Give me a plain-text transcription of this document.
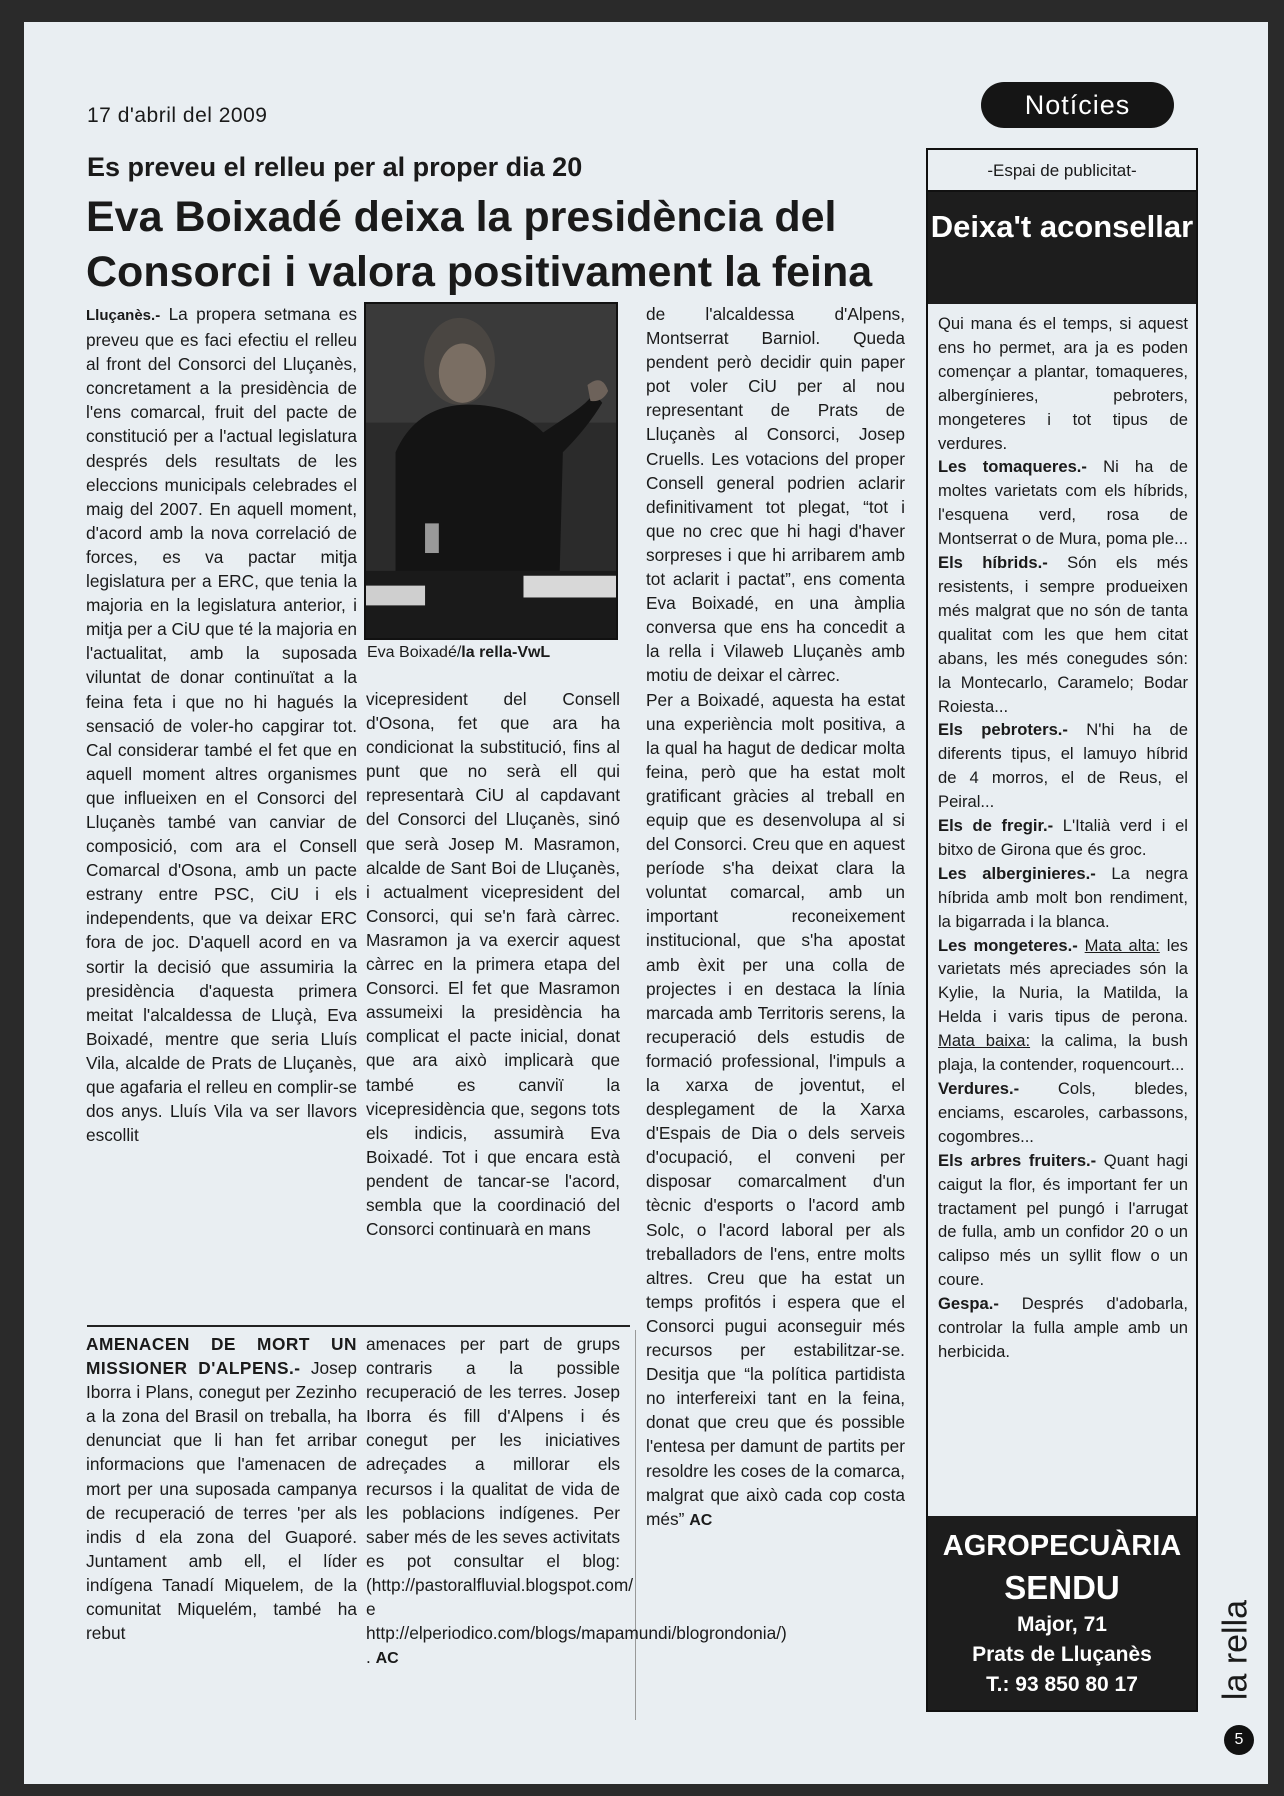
17 d'abril del 2009	Notícies
Es preveu el relleu per al proper dia 20
Eva Boixadé deixa la presidència del Consorci i valora positivament la feina

Lluçanès.- La propera setmana es preveu que es faci efectiu el relleu al front del Consorci del Lluçanès, concretament a la presidència de l'ens comarcal, fruit del pacte de constitució per a l'actual legislatura després dels resultats de les eleccions municipals celebrades el maig del 2007. En aquell moment, d'acord amb la nova correlació de forces, es va pactar mitja legislatura per a ERC, que tenia la majoria en la legislatura anterior, i mitja per a CiU que té la majoria en l'actualitat, amb la suposada viluntat de donar continuïtat a la feina feta i que no hi hagués la sensació de voler-ho capgirar tot. Cal considerar també el fet que en aquell moment altres organismes que influeixen en el Consorci del Lluçanès també van canviar de composició, com ara el Consell Comarcal d'Osona, amb un pacte estrany entre PSC, CiU i els independents, que va deixar ERC fora de joc. D'aquell acord en va sortir la decisió que assumiria la presidència d'aquesta primera meitat l'alcaldessa de Lluçà, Eva Boixadé, mentre que seria Lluís Vila, alcalde de Prats de Lluçanès, que agafaria el relleu en complir-se dos anys. Lluís Vila va ser llavors escollit

Eva Boixadé/la rella-VwL

vicepresident del Consell d'Osona, fet que ara ha condicionat la substitució, fins al punt que no serà ell qui representarà CiU al capdavant del Consorci del Lluçanès, sinó que serà Josep M. Masramon, alcalde de Sant Boi de Lluçanès, i actualment vicepresident del Consorci, qui se'n farà càrrec. Masramon ja va exercir aquest càrrec en la primera etapa del Consorci. El fet que Masramon assumeixi la presidència ha complicat el pacte inicial, donat que ara això implicarà que també es canviï la vicepresidència que, segons tots els indicis, assumirà Eva Boixadé. Tot i que encara està pendent de tancar-se l'acord, sembla que la coordinació del Consorci continuarà en mans

de l'alcaldessa d'Alpens, Montserrat Barniol. Queda pendent però decidir quin paper pot voler CiU per al nou representant de Prats de Lluçanès al Consorci, Josep Cruells. Les votacions del proper Consell general podrien aclarir definitivament tot plegat, “tot i que no crec que hi hagi d'haver sorpreses i que hi arribarem amb tot aclarit i pactat”, ens comenta Eva Boixadé, en una àmplia conversa que ens ha concedit a la rella i Vilaweb Lluçanès amb motiu de deixar el càrrec.

Per a Boixadé, aquesta ha estat una experiència molt positiva, a la qual ha hagut de dedicar molta feina, però que ha estat molt gratificant gràcies al treball en equip que es desenvolupa al si del Consorci. Creu que en aquest període s'ha deixat clara la voluntat comarcal, amb un important reconeixement institucional, que s'ha apostat amb èxit per una colla de projectes i en destaca la línia marcada amb Territoris serens, la recuperació dels estudis de formació professional, l'impuls a la xarxa de joventut, el desplegament de la Xarxa d'Espais de Dia o dels serveis d'ocupació, el conveni per disposar comarcalment d'un tècnic d'esports o l'acord amb Solc, o l'acord laboral per als treballadors de l'ens, entre molts altres. Creu que ha estat un temps profitós i espera que el Consorci pugui aconseguir més recursos per estabilitzar-se. Desitja que “la política partidista no interfereixi tant en la feina, donat que creu que és possible l'entesa per damunt de partits per resoldre les coses de la comarca, malgrat que això cada cop costa més” AC

AMENACEN DE MORT UN MISSIONER D'ALPENS.- Josep Iborra i Plans, conegut per Zezinho a la zona del Brasil on treballa, ha denunciat que li han fet arribar informacions que l'amenacen de mort per una suposada campanya de recuperació de terres 'per als indis d ela zona del Guaporé. Juntament amb ell, el líder indígena Tanadí Miquelem, de la comunitat Miquelém, també ha rebut

amenaces per part de grups contraris a la possible recuperació de les terres. Josep Iborra és fill d'Alpens i és conegut per les iniciatives adreçades a millorar els recursos i la qualitat de vida de les poblacions indígenes. Per saber més de les seves activitats es pot consultar el blog:(http://pastoralfluvial.blogspot.com/ e http://elperiodico.com/blogs/mapamundi/blogrondonia/) . AC

-Espai de publicitat-
Deixa't aconsellar
Qui mana és el temps, si aquest ens ho permet, ara ja es poden començar a plantar, tomaqueres, albergínieres, pebroters, mongeteres i tot tipus de verdures.
Les tomaqueres.- Ni ha de moltes varietats com els híbrids, l'esquena verd, rosa de Montserrat o de Mura, poma ple...
Els híbrids.- Són els més resistents, i sempre produeixen més malgrat que no són de tanta qualitat com les que hem citat abans, les més conegudes són: la Montecarlo, Caramelo; Bodar Roiesta...
Els pebroters.- N'hi ha de diferents tipus, el lamuyo híbrid de 4 morros, el de Reus, el Peiral...
Els de fregir.- L'Italià verd i el bitxo de Girona que és groc.
Les alberginieres.- La negra híbrida amb molt bon rendiment, la bigarrada i la blanca.
Les mongeteres.- Mata alta: les varietats més apreciades són la Kylie, la Nuria, la Matilda, la Helda i varis tipus de perona. Mata baixa: la calima, la bush plaja, la contender, roquencourt...
Verdures.- Cols, bledes, enciams, escaroles, carbassons, cogombres...
Els arbres fruiters.- Quant hagi caigut la flor, és important fer un tractament pel pungó i l'arrugat de fulla, amb un confidor 20 o un calipso més un syllit flow o un coure.
Gespa.- Després d'adobarla, controlar la fulla ample amb un herbicida.
AGROPECUÀRIA
SENDU
Major, 71
Prats de Lluçanès
T.: 93 850 80 17	la rella
5
